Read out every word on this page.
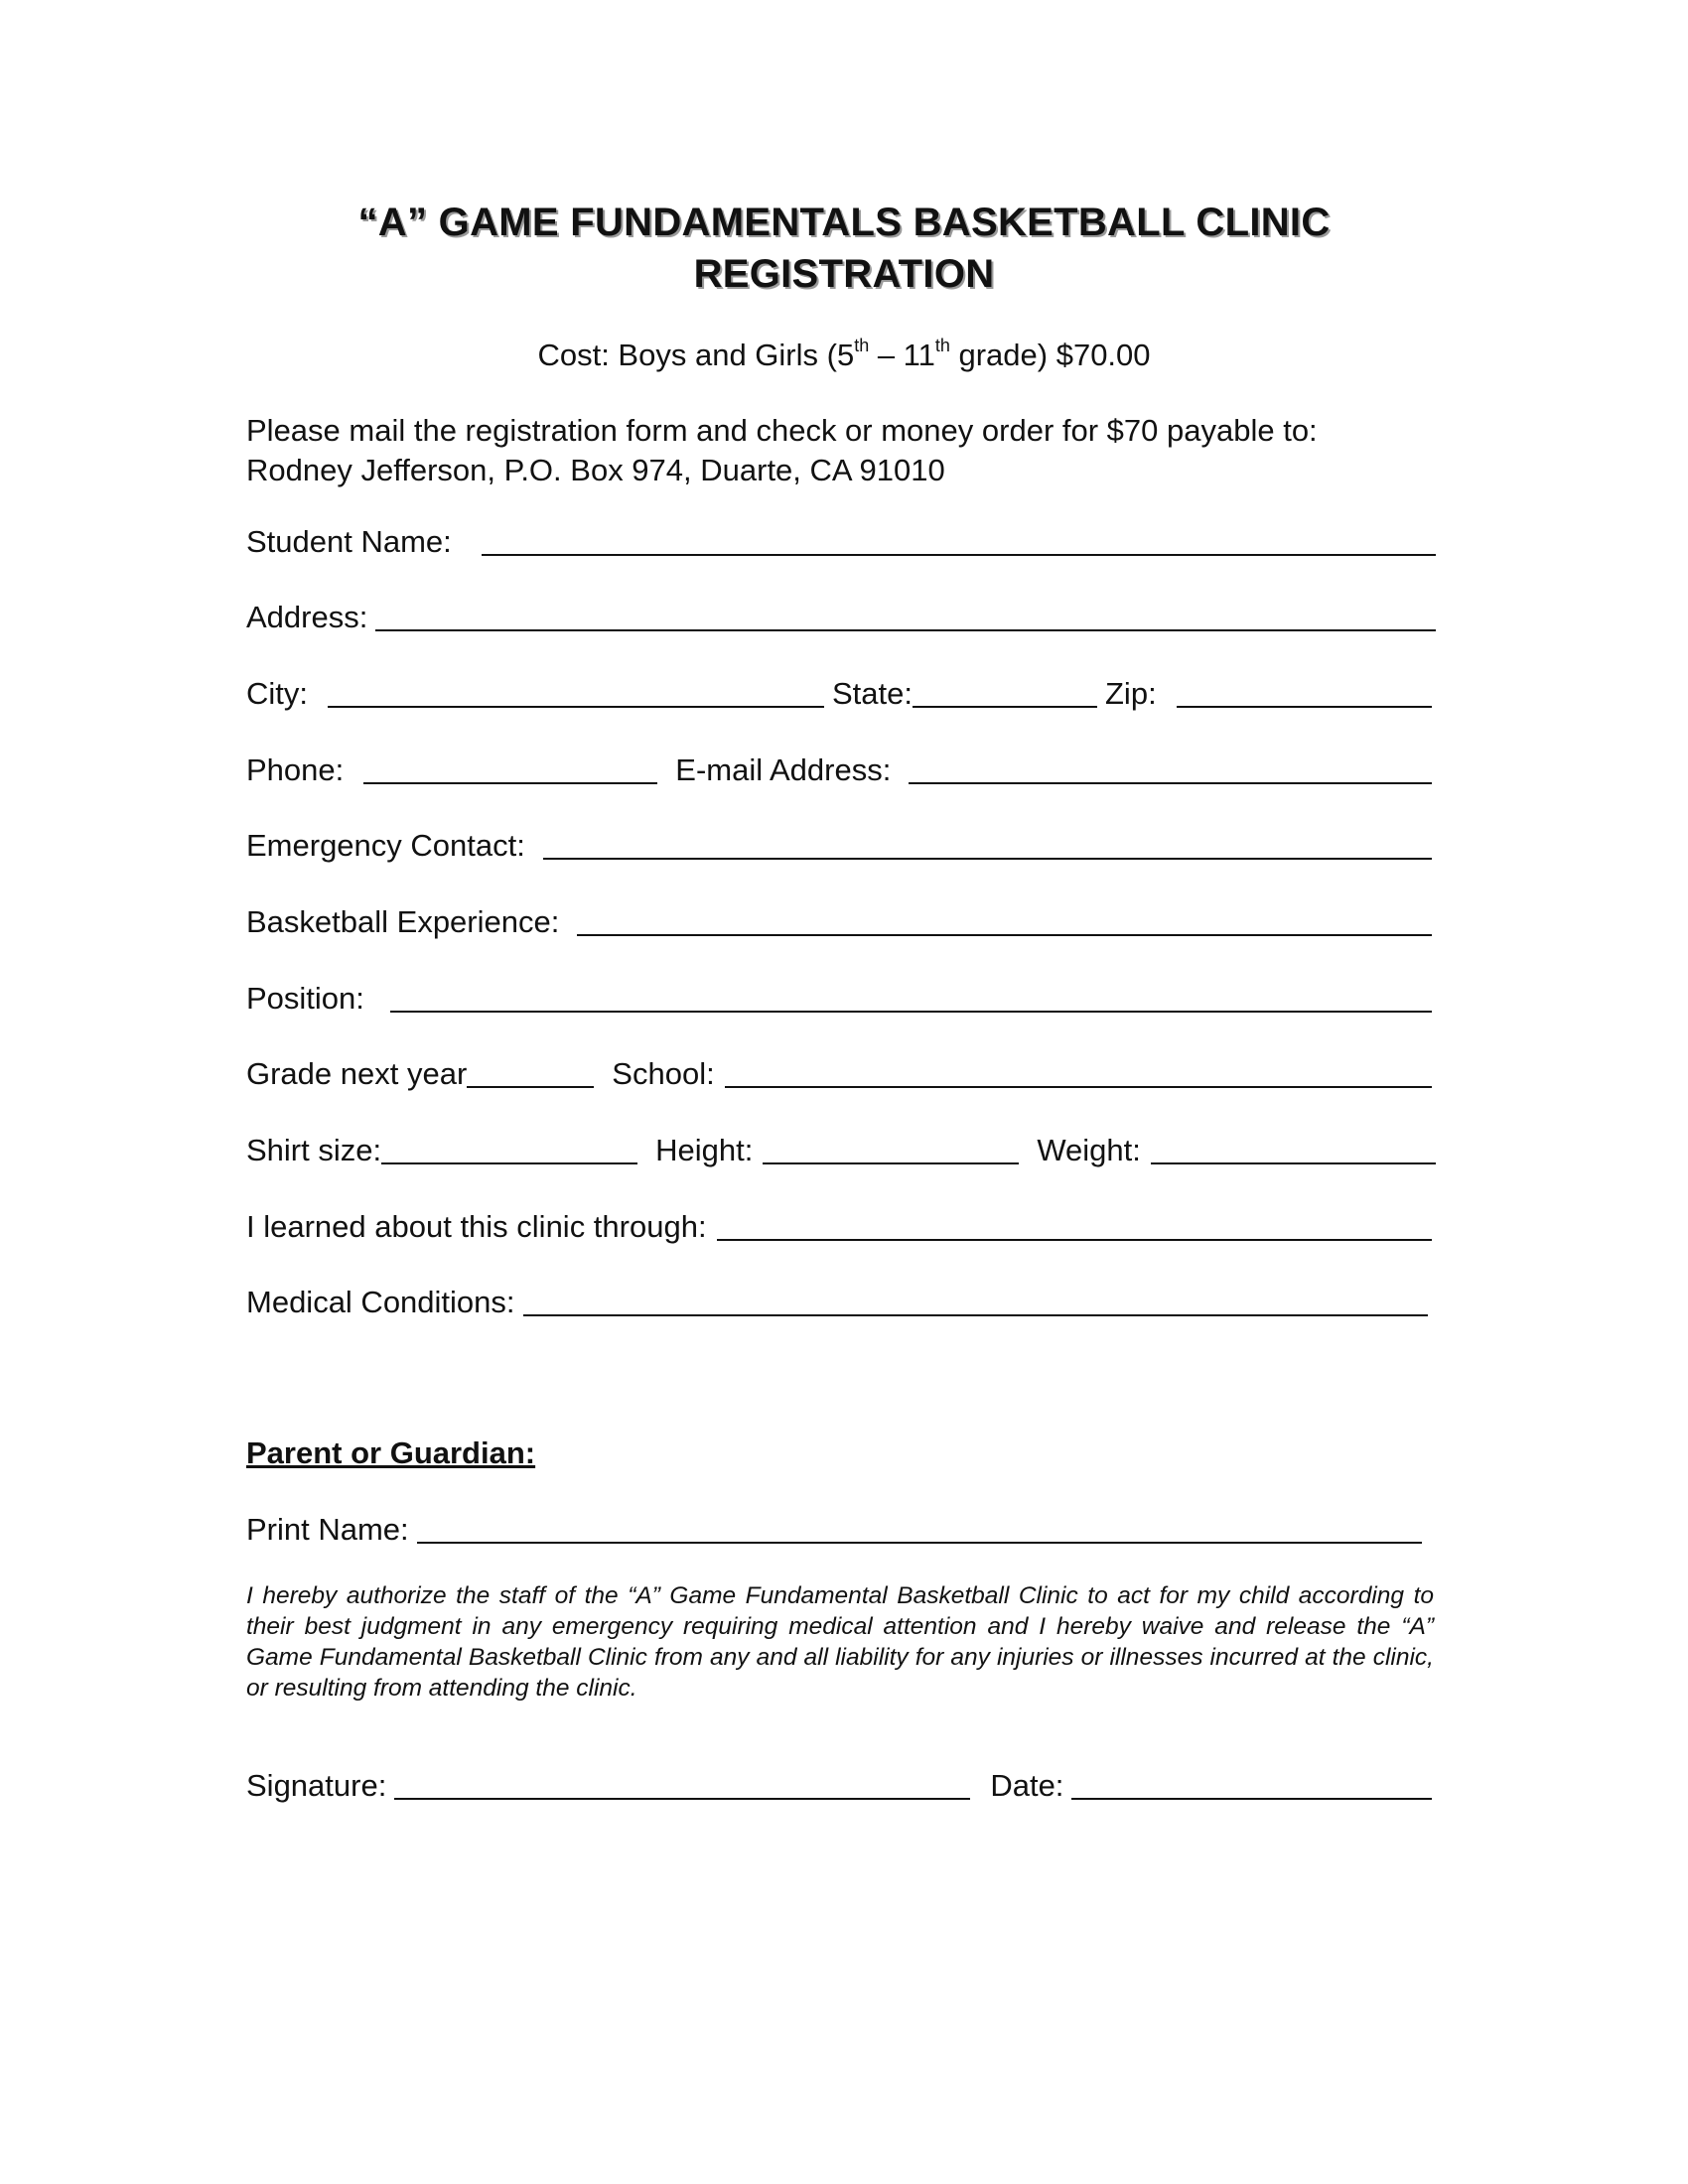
“A” GAME FUNDAMENTALS BASKETBALL CLINIC
REGISTRATION
Cost: Boys and Girls (5th – 11th grade) $70.00
Please mail the registration form and check or money order for $70 payable to:
Rodney Jefferson, P.O. Box 974, Duarte, CA 91010
Student Name:
Address:
City:	State:	Zip:
Phone:	E-mail Address:
Emergency Contact:
Basketball Experience:
Position:
Grade next year	School:
Shirt size:	Height:	Weight:
I learned about this clinic through:
Medical Conditions:
Parent or Guardian:
Print Name:
I hereby authorize the staff of the “A” Game Fundamental Basketball Clinic to act for my child according to their best judgment in any emergency requiring medical attention and I hereby waive and release the “A” Game Fundamental Basketball Clinic from any and all liability for any injuries or illnesses incurred at the clinic, or resulting from attending the clinic.
Signature:	Date:
